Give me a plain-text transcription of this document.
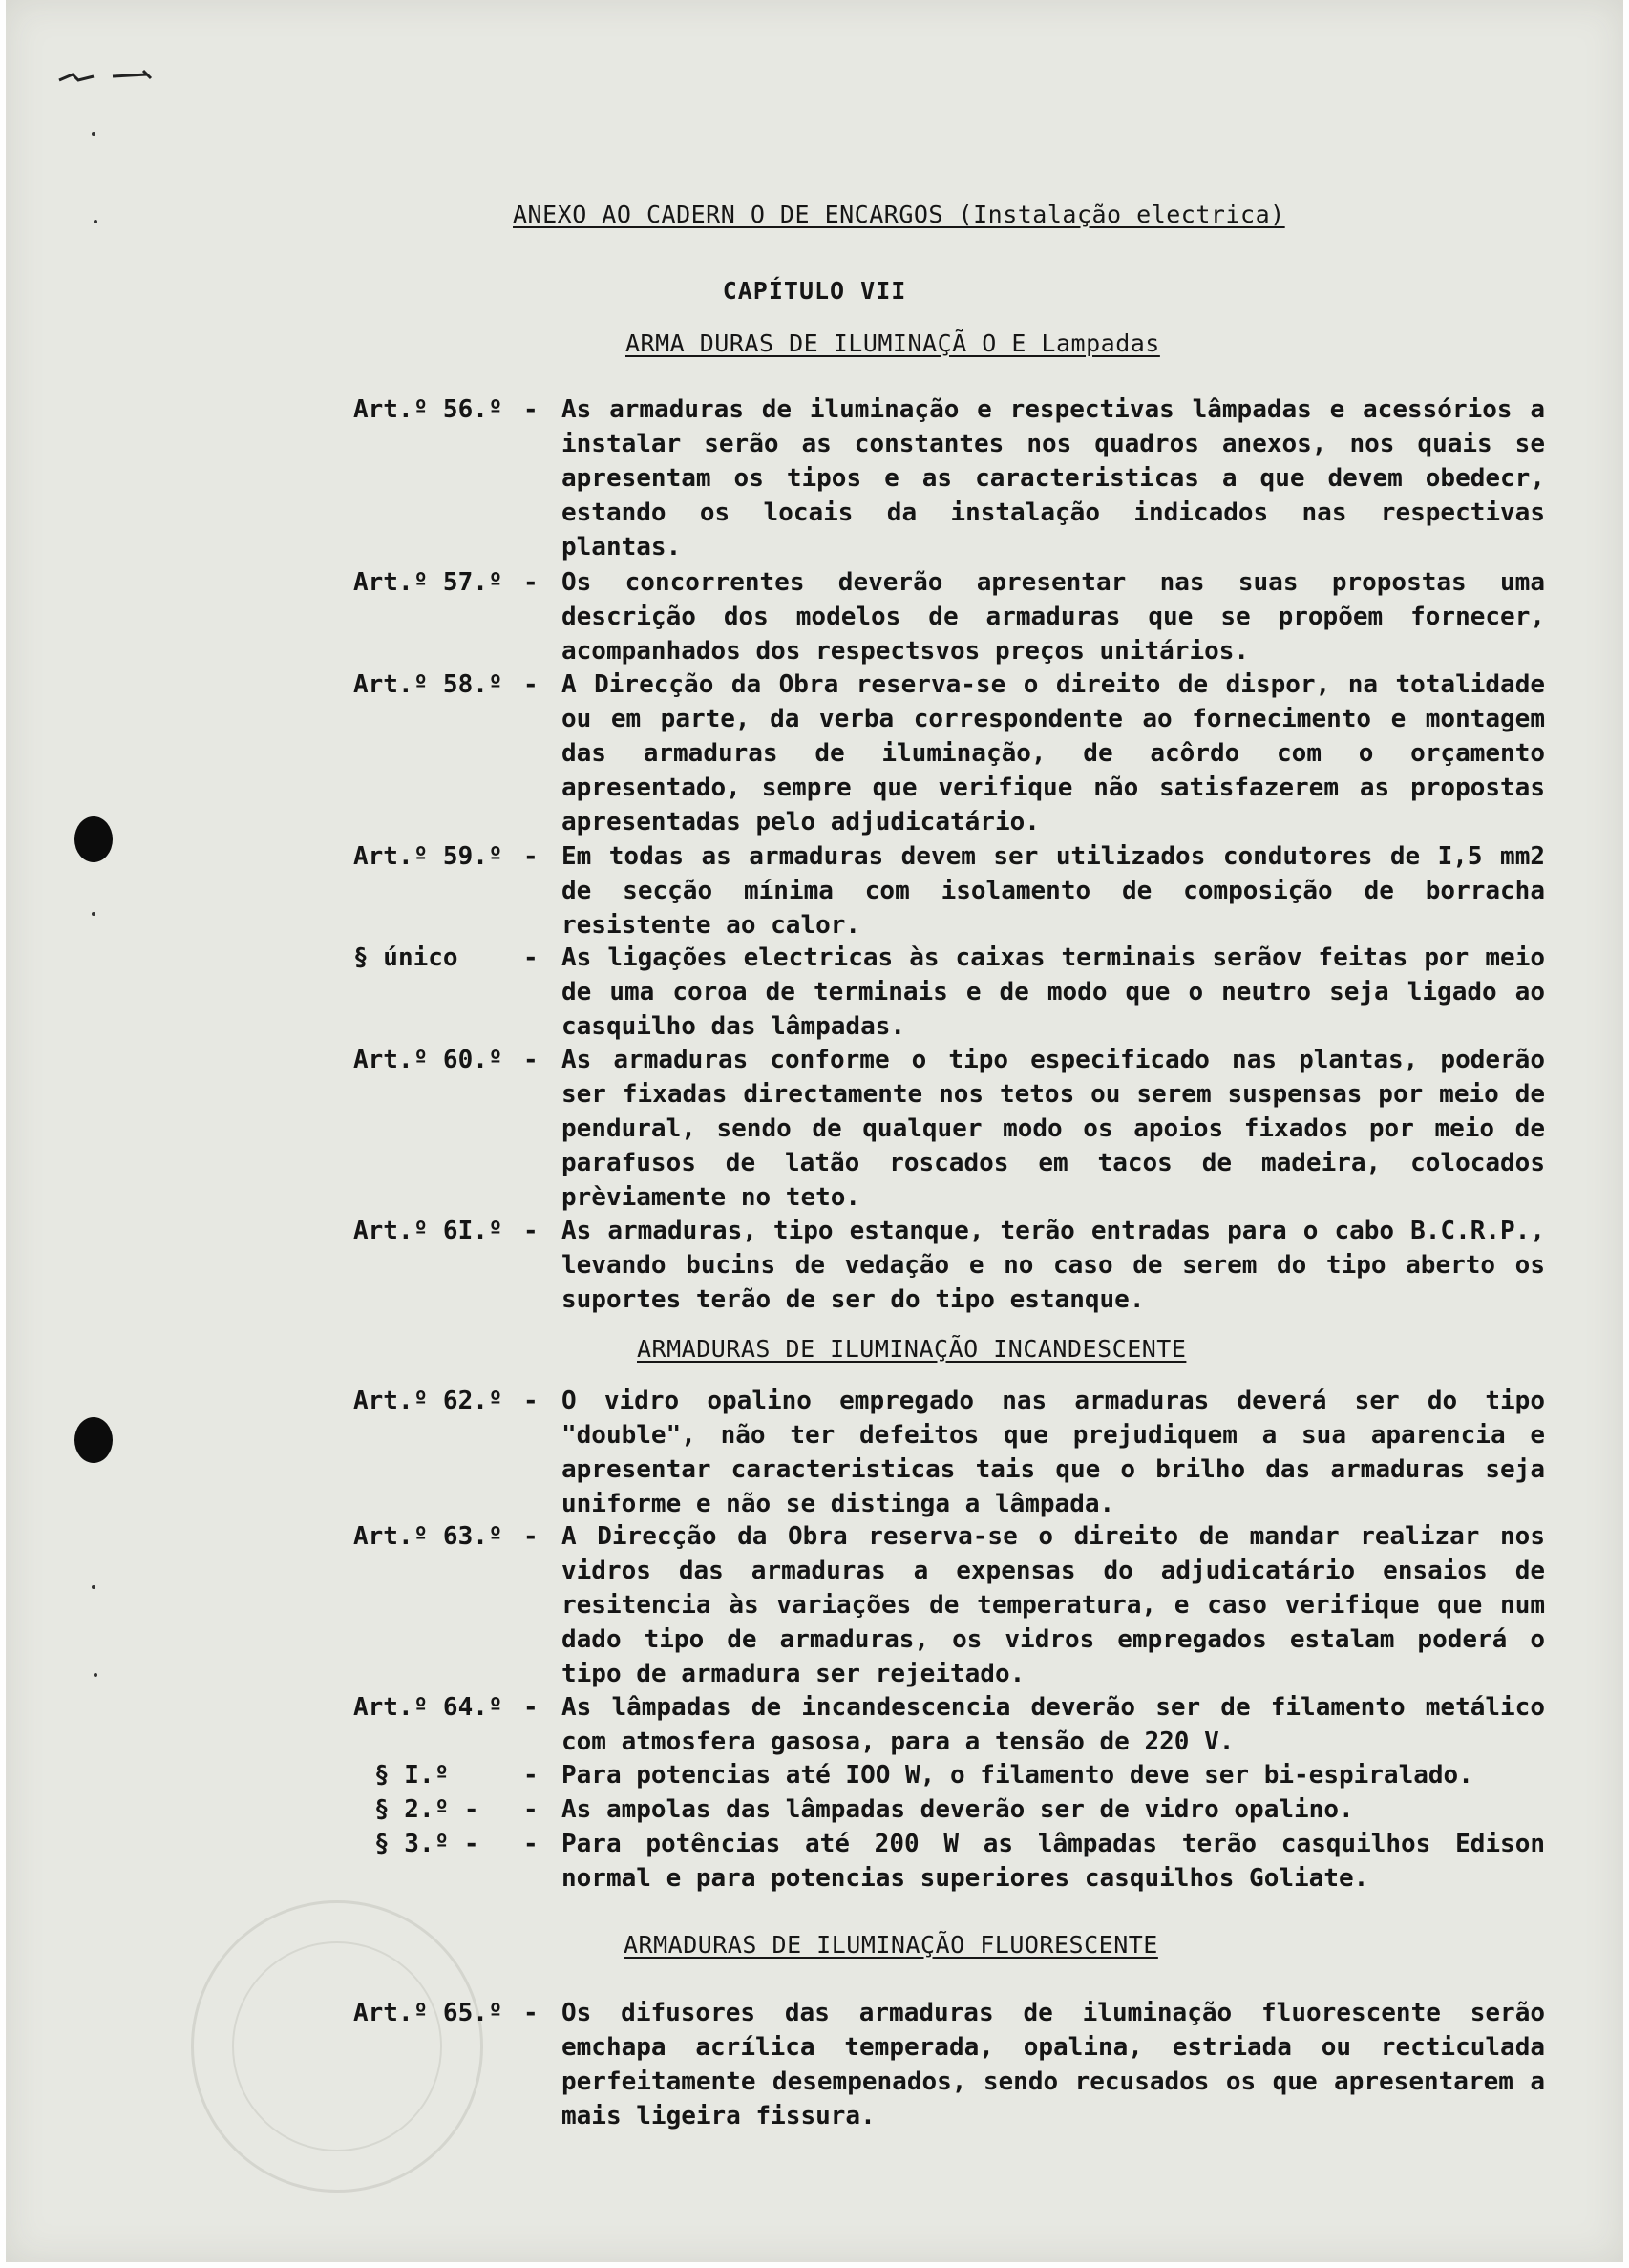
ANEXO AO CADERN O DE ENCARGOS (Instalação electrica)
CAPÍTULO VII
ARMA DURAS DE ILUMINAÇÃ O E Lampadas
Art.º 56.º - As armaduras de iluminação e respectivas lâmpadas e acessórios a instalar serão as constantes nos quadros anexos, nos quais se apresentam os tipos e as caracteristicas a que devem obedecr, estando os locais da instalação indicados nas respectivas plantas.
Art.º 57.º - Os concorrentes deverão apresentar nas suas propostas uma descrição dos modelos de armaduras que se propõem fornecer, acompanhados dos respectsvos preços unitários.
Art.º 58.º - A Direcção da Obra reserva-se o direito de dispor, na totalidade ou em parte, da verba correspondente ao fornecimento e montagem das armaduras de iluminação, de acôrdo com o orçamento apresentado, sempre que verifique não satisfazerem as propostas apresentadas pelo adjudicatário.
Art.º 59.º - Em todas as armaduras devem ser utilizados condutores de I,5 mm2 de secção mínima com isolamento de composição de borracha resistente ao calor.
§ único	- As ligações electricas às caixas terminais serãov feitas por meio de uma coroa de terminais e de modo que o neutro seja ligado ao casquilho das lâmpadas.
Art.º 60.º - As armaduras conforme o tipo especificado nas plantas, poderão ser fixadas directamente nos tetos ou serem suspensas por meio de pendural, sendo de qualquer modo os apoios fixados por meio de parafusos de latão roscados em tacos de madeira, colocados prèviamente no teto.
Art.º 6I.º - As armaduras, tipo estanque, terão entradas para o cabo B.C.R.P., levando bucins de vedação e no caso de serem do tipo aberto os suportes terão de ser do tipo estanque.
ARMADURAS DE ILUMINAÇÃO INCANDESCENTE
Art.º 62.º - O vidro opalino empregado nas armaduras deverá ser do tipo "double", não ter defeitos que prejudiquem a sua aparencia e apresentar caracteristicas tais que o brilho das armaduras seja uniforme e não se distinga a lâmpada.
Art.º 63.º - A Direcção da Obra reserva-se o direito de mandar realizar nos vidros das armaduras a expensas do adjudicatário ensaios de resitencia às variações de temperatura, e caso verifique que num dado tipo de armaduras, os vidros empregados estalam poderá o tipo de armadura ser rejeitado.
Art.º 64.º - As lâmpadas de incandescencia deverão ser de filamento metálico com atmosfera gasosa, para a tensão de 220 V.
§ I.º	- Para potencias até IOO W, o filamento deve ser bi-espiralado.
§ 2.º -	- As ampolas das lâmpadas deverão ser de vidro opalino.
§ 3.º -	- Para potências até 200 W as lâmpadas terão casquilhos Edison normal e para potencias superiores casquilhos Goliate.
ARMADURAS DE ILUMINAÇÃO FLUORESCENTE
Art.º 65.º - Os difusores das armaduras de iluminação fluorescente serão emchapa acrílica temperada, opalina, estriada ou recticulada perfeitamente desempenados, sendo recusados os que apresentarem a mais ligeira fissura.
